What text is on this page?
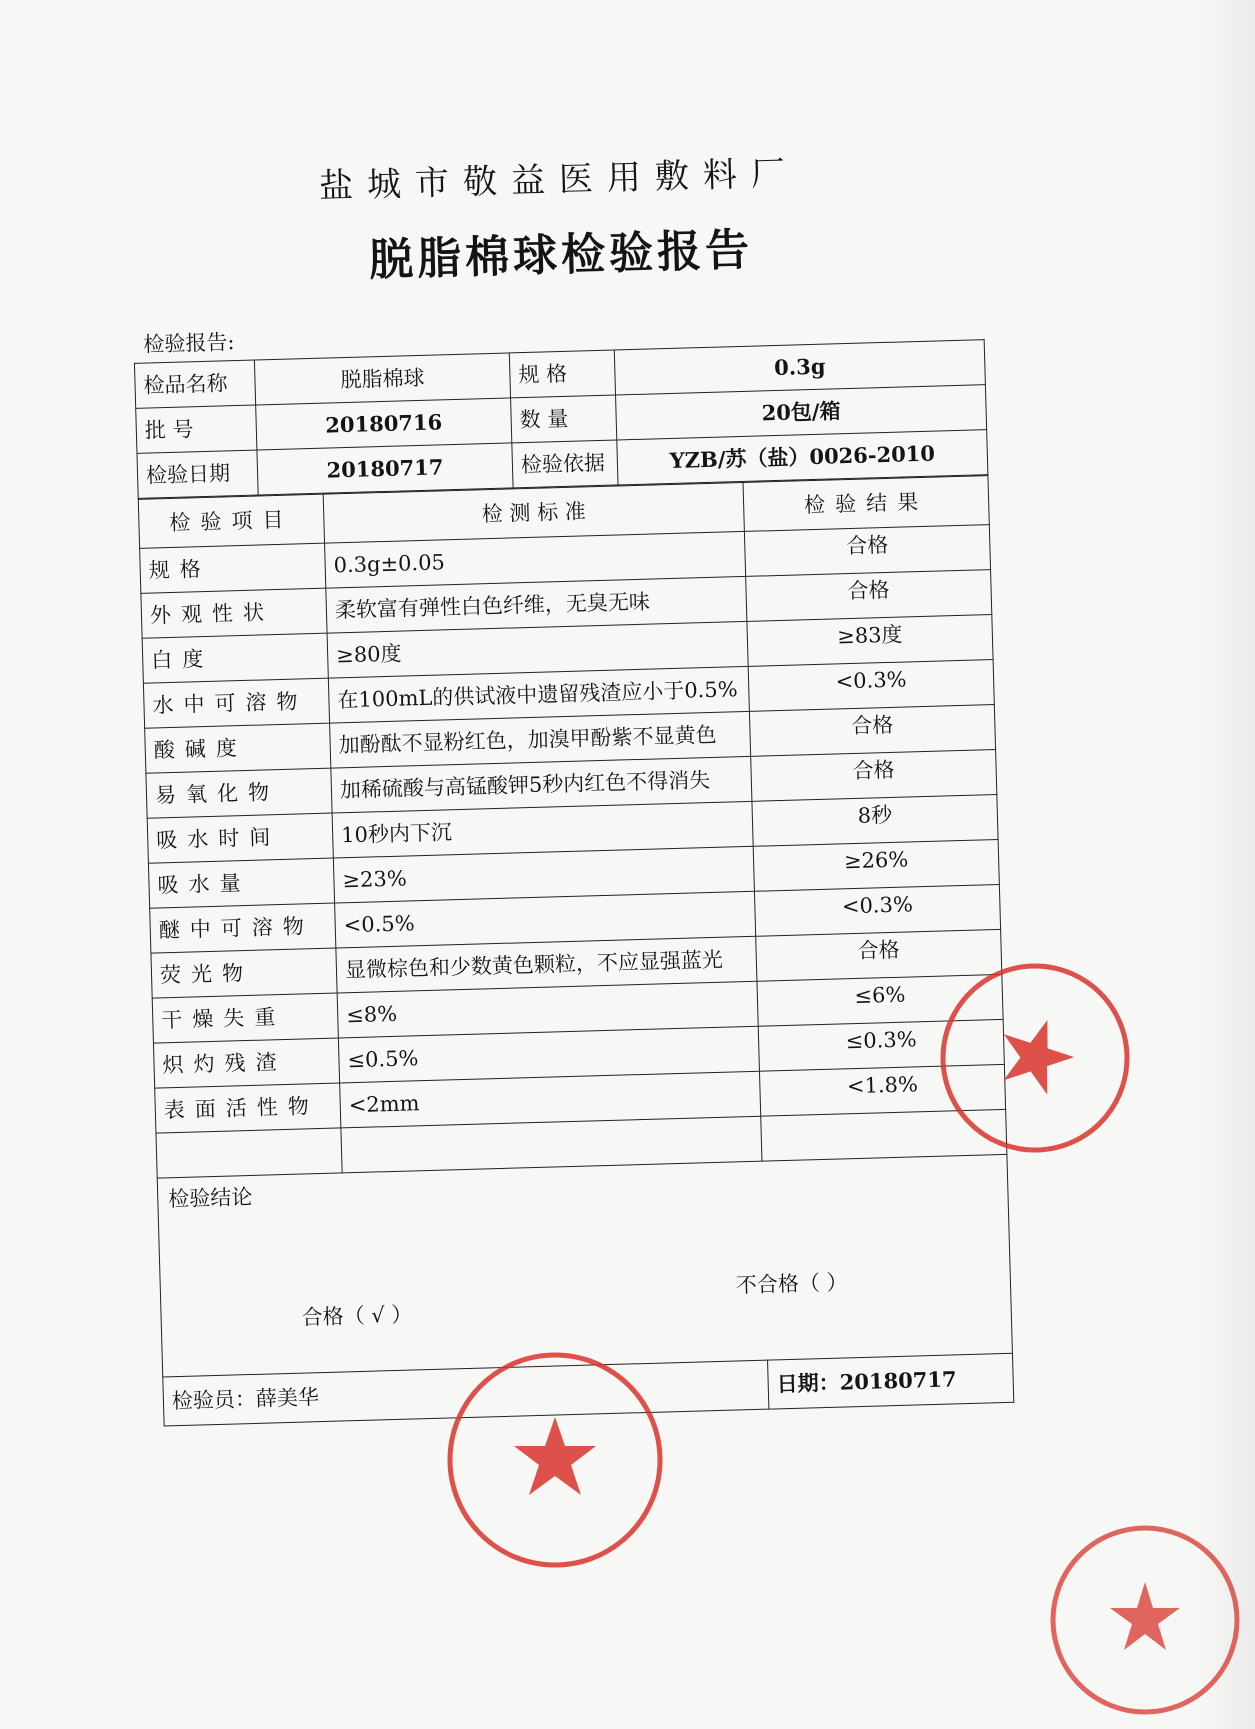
盐城市敬益医用敷料厂
脱脂棉球检验报告
检验报告:
检品名称	脱脂棉球	规 格	0.3g
批 号	20180716	数 量	20包/箱
检验日期	20180717	检验依据	YZB/苏（盐）0026-2010
检验项目	检 测 标 准	检验结果
规格	0.3g±0.05	合格
外观性状	柔软富有弹性白色纤维，无臭无味	合格
白度	≥80度	≥83度
水中可溶物	在100mL的供试液中遗留残渣应小于0.5%	<0.3%
酸碱度	加酚酞不显粉红色，加溴甲酚紫不显黄色	合格
易氧化物	加稀硫酸与高锰酸钾5秒内红色不得消失	合格
吸水时间	10秒内下沉	8秒
吸水量	≥23%	≥26%
醚中可溶物	<0.5%	<0.3%
荧光物	显微棕色和少数黄色颗粒，不应显强蓝光	合格
干燥失重	≤8%	≤6%
炽灼残渣	≤0.5%	≤0.3%
表面活性物	<2mm	<1.8%

检验结论
合格（ √ ）
不合格（ ）		

检验员：薛美华		日期：20180717
